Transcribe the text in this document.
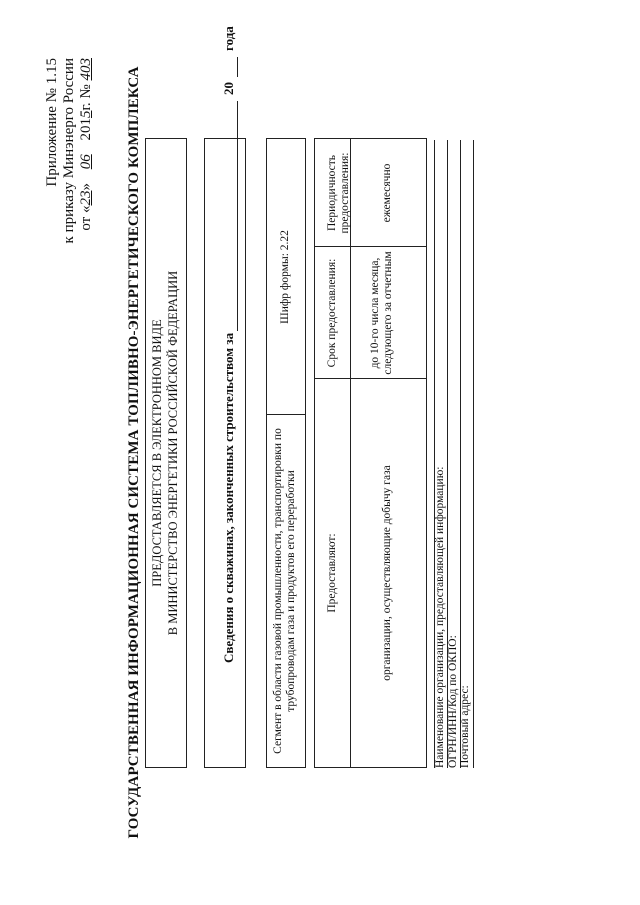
Приложение № 1.15 к приказу Минэнерго России от «23» 06 2015г. № 403 ГОСУДАРСТВЕННАЯ ИНФОРМАЦИОННАЯ СИСТЕМА ТОПЛИВНО-ЭНЕРГЕТИЧЕСКОГО КОМПЛЕКСА ПРЕДОСТАВЛЯЕТСЯ В ЭЛЕКТРОННОМ ВИДЕ В МИНИСТЕРСТВО ЭНЕРГЕТИКИ РОССИЙСКОЙ ФЕДЕРАЦИИ	Сведения о скважинах, законченных строительством за
20
года
Сегмент в области газовой промышленности, транспортировки по трубопроводам газа и продуктов его переработки
Шифр формы: 2.22
Предоставляют:
Срок предоставления:
Периодичность предоставления:
организации, осуществляющие добычу газа
до 10-го числа месяца, следующего за отчетным
ежемесячно
Наименование организации, предоставляющей информацию: ОГРН/ИНН/Код по ОКПО: Почтовый адрес:
